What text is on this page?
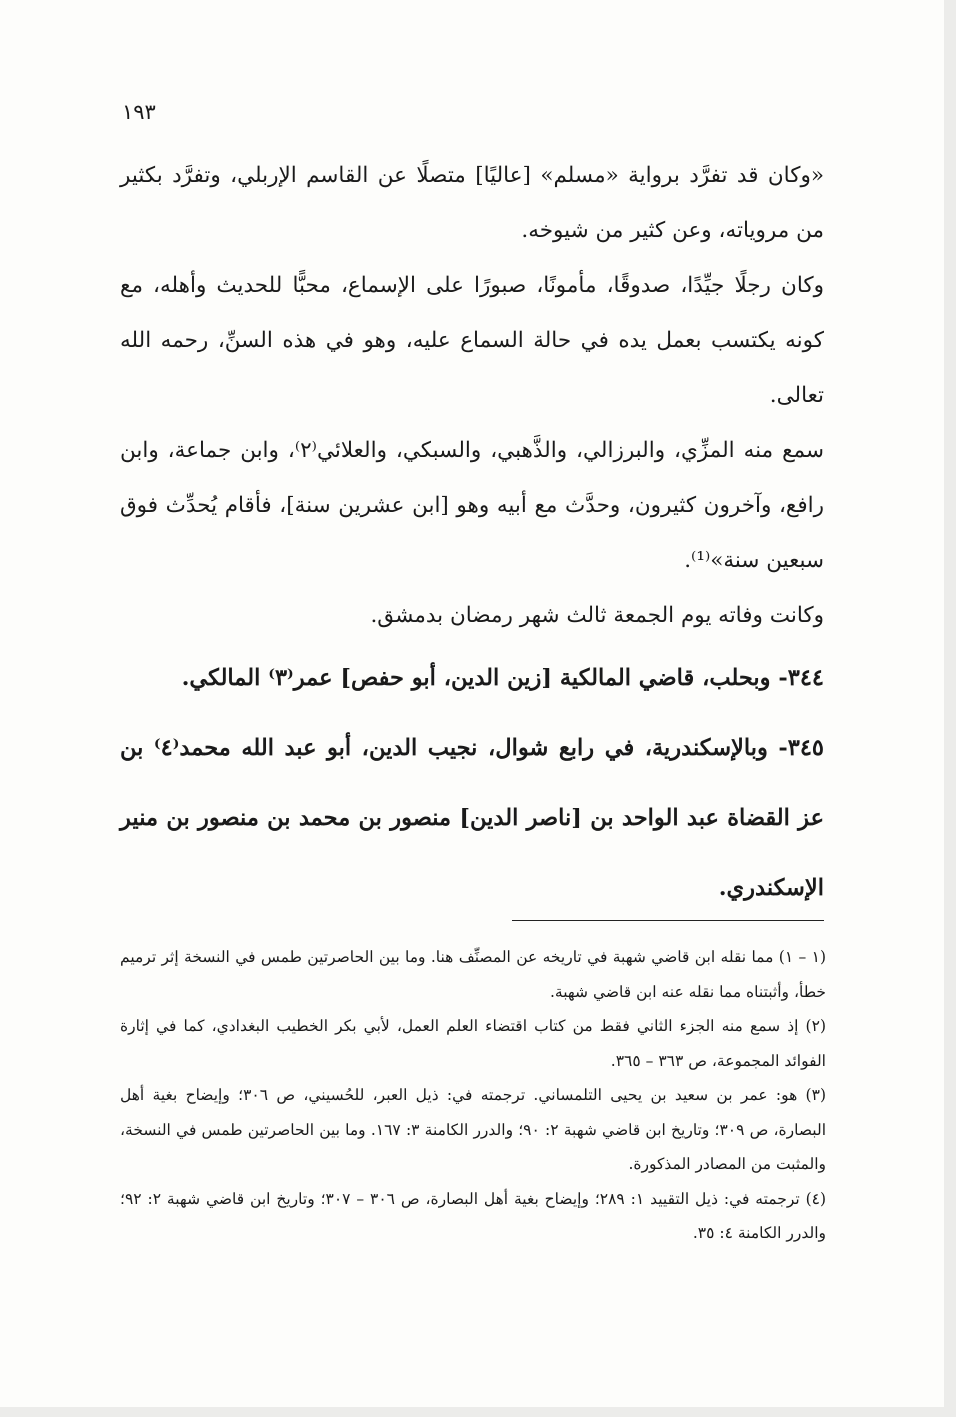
١٩٣

«وكان قد تفرَّد برواية «مسلم» [عاليًا] متصلًا عن القاسم الإربلي، وتفرَّد بكثير من مروياته، وعن كثير من شيوخه.

وكان رجلًا جيِّدًا، صدوقًا، مأمونًا، صبورًا على الإسماع، محبًّا للحديث وأهله، مع كونه يكتسب بعمل يده في حالة السماع عليه، وهو في هذه السنِّ، رحمه الله تعالى.

سمع منه المزِّي، والبرزالي، والذَّهبي، والسبكي، والعلائي⁽٢⁾، وابن جماعة، وابن رافع، وآخرون كثيرون، وحدَّث مع أبيه وهو [ابن عشرين سنة]، فأقام يُحدِّث فوق سبعين سنة»⁽¹⁾.

وكانت وفاته يوم الجمعة ثالث شهر رمضان بدمشق.

٣٤٤- وبحلب، قاضي المالكية [زين الدين، أبو حفص] عمر⁽٣⁾ المالكي.

٣٤٥- وبالإسكندرية، في رابع شوال، نجيب الدين، أبو عبد الله محمد⁽٤⁾ بن عز القضاة عبد الواحد بن [ناصر الدين] منصور بن محمد بن منصور بن منير الإسكندري.

(١ – ١) مما نقله ابن قاضي شهبة في تاريخه عن المصنِّف هنا. وما بين الحاصرتين طمس في النسخة إثر ترميم خطأ، وأثبتناه مما نقله عنه ابن قاضي شهبة.

(٢) إذ سمع منه الجزء الثاني فقط من كتاب اقتضاء العلم العمل، لأبي بكر الخطيب البغدادي، كما في إثارة الفوائد المجموعة، ص ٣٦٣ – ٣٦٥.

(٣) هو: عمر بن سعيد بن يحيى التلمساني. ترجمته في: ذيل العبر، للحُسيني، ص ٣٠٦؛ وإيضاح بغية أهل البصارة، ص ٣٠٩؛ وتاريخ ابن قاضي شهبة ٢: ٩٠؛ والدرر الكامنة ٣: ١٦٧. وما بين الحاصرتين طمس في النسخة، والمثبت من المصادر المذكورة.

(٤) ترجمته في: ذيل التقييد ١: ٢٨٩؛ وإيضاح بغية أهل البصارة، ص ٣٠٦ – ٣٠٧؛ وتاريخ ابن قاضي شهبة ٢: ٩٢؛ والدرر الكامنة ٤: ٣٥.
